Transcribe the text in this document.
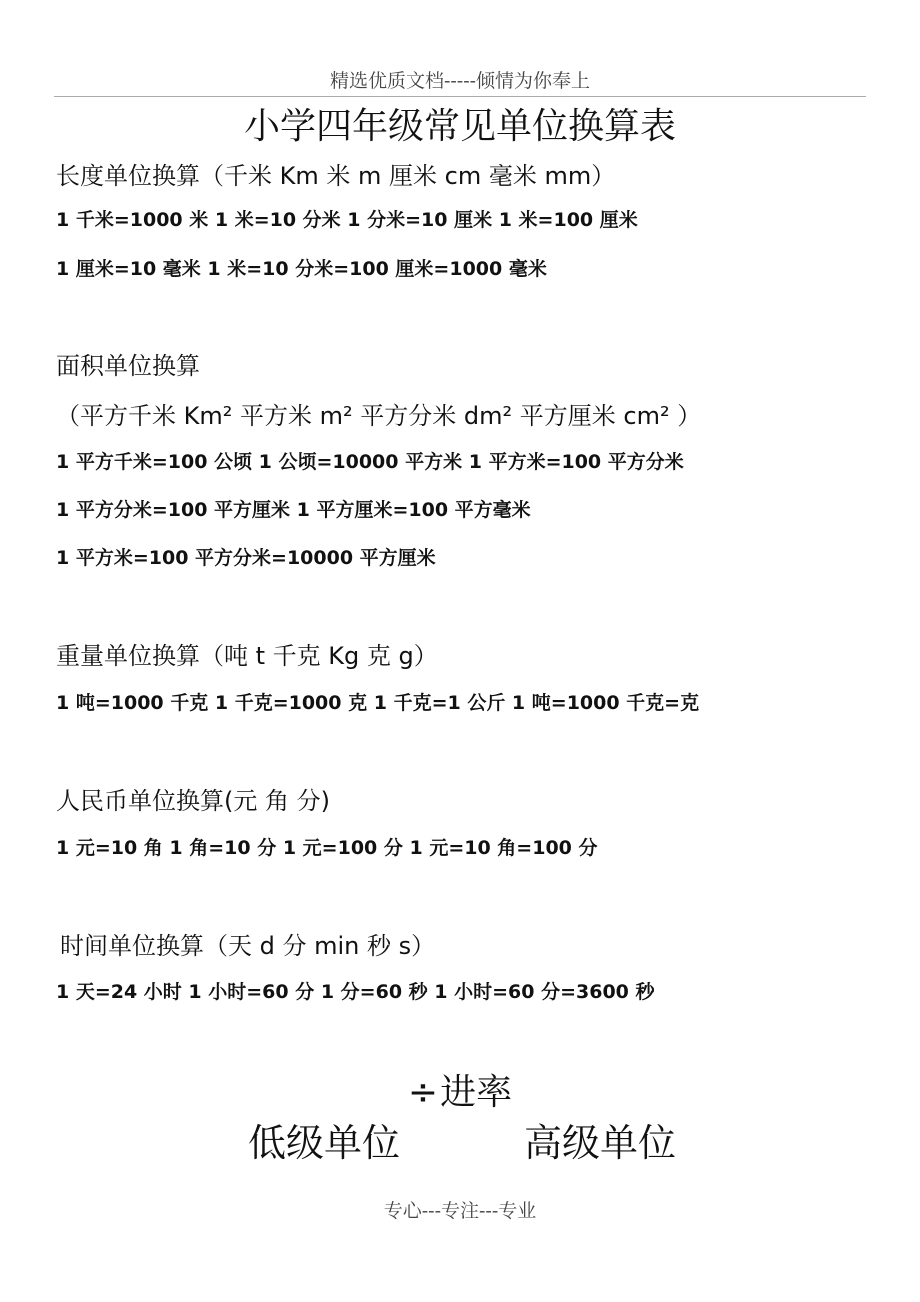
精选优质文档-----倾情为你奉上
小学四年级常见单位换算表
长度单位换算（千米 Km 米 m 厘米 cm 毫米 mm）
1 千米=1000 米 1 米=10 分米 1 分米=10 厘米 1 米=100 厘米
1 厘米=10 毫米 1 米=10 分米=100 厘米=1000 毫米
面积单位换算
（平方千米 Km² 平方米 m² 平方分米 dm² 平方厘米 cm² ）
1 平方千米=100 公顷 1 公顷=10000 平方米 1 平方米=100 平方分米
1 平方分米=100 平方厘米 1 平方厘米=100 平方毫米
1 平方米=100 平方分米=10000 平方厘米
重量单位换算（吨 t 千克 Kg 克 g）
1 吨=1000 千克 1 千克=1000 克 1 千克=1 公斤 1 吨=1000 千克=克
人民币单位换算(元 角 分)
1 元=10 角 1 角=10 分 1 元=100 分 1 元=10 角=100 分
时间单位换算（天 d 分 min 秒 s）
1 天=24 小时 1 小时=60 分 1 分=60 秒 1 小时=60 分=3600 秒
÷进率
低级单位	高级单位
专心---专注---专业
